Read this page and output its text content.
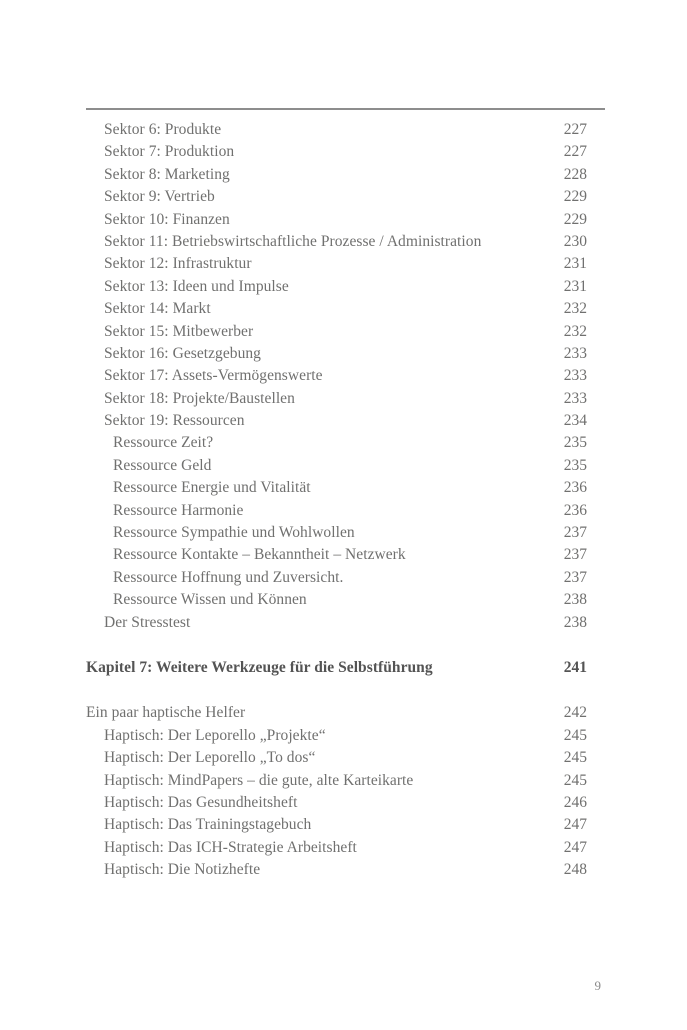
Sektor 6: Produkte	227
Sektor 7: Produktion	227
Sektor 8: Marketing	228
Sektor 9: Vertrieb	229
Sektor 10: Finanzen	229
Sektor 11: Betriebswirtschaftliche Prozesse / Administration	230
Sektor 12: Infrastruktur	231
Sektor 13: Ideen und Impulse	231
Sektor 14: Markt	232
Sektor 15: Mitbewerber	232
Sektor 16: Gesetzgebung	233
Sektor 17: Assets-Vermögenswerte	233
Sektor 18: Projekte/Baustellen	233
Sektor 19: Ressourcen	234
Ressource Zeit?	235
Ressource Geld	235
Ressource Energie und Vitalität	236
Ressource Harmonie	236
Ressource Sympathie und Wohlwollen	237
Ressource Kontakte – Bekanntheit – Netzwerk	237
Ressource Hoffnung und Zuversicht.	237
Ressource Wissen und Können	238
Der Stresstest	238
Kapitel 7: Weitere Werkzeuge für die Selbstführung	241
Ein paar haptische Helfer	242
Haptisch: Der Leporello „Projekte“	245
Haptisch: Der Leporello „To dos“	245
Haptisch: MindPapers – die gute, alte Karteikarte	245
Haptisch: Das Gesundheitsheft	246
Haptisch: Das Trainingstagebuch	247
Haptisch: Das ICH-Strategie Arbeitsheft	247
Haptisch: Die Notizhefte	248
9
